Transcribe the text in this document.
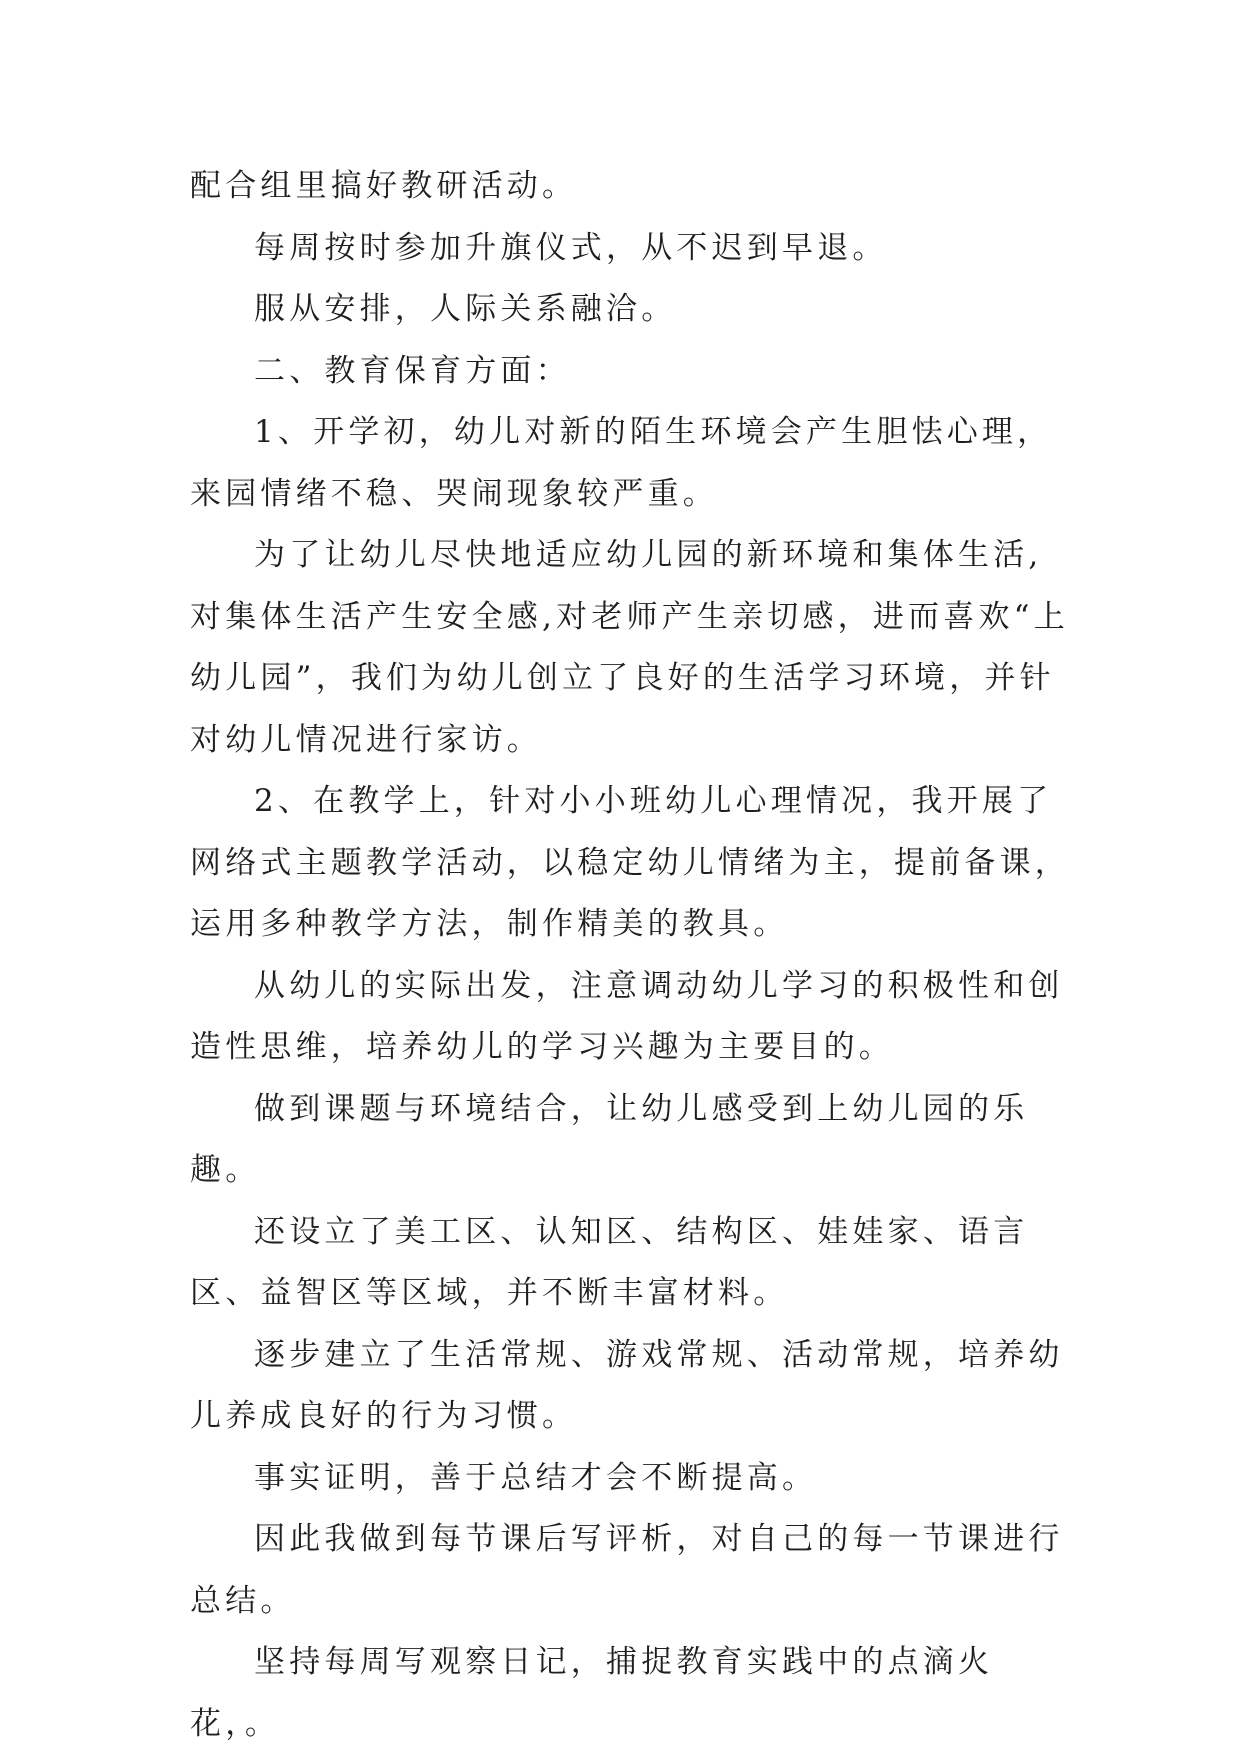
配合组里搞好教研活动。

每周按时参加升旗仪式，从不迟到早退。

服从安排，人际关系融洽。

二、教育保育方面：

1、开学初，幼儿对新的陌生环境会产生胆怯心理，来园情绪不稳、哭闹现象较严重。

为了让幼儿尽快地适应幼儿园的新环境和集体生活,对集体生活产生安全感,对老师产生亲切感，进而喜欢“上幼儿园”，我们为幼儿创立了良好的生活学习环境，并针对幼儿情况进行家访。

2、在教学上，针对小小班幼儿心理情况，我开展了网络式主题教学活动，以稳定幼儿情绪为主，提前备课，运用多种教学方法，制作精美的教具。

从幼儿的实际出发，注意调动幼儿学习的积极性和创造性思维，培养幼儿的学习兴趣为主要目的。

做到课题与环境结合，让幼儿感受到上幼儿园的乐趣。

还设立了美工区、认知区、结构区、娃娃家、语言区、益智区等区域，并不断丰富材料。

逐步建立了生活常规、游戏常规、活动常规，培养幼儿养成良好的行为习惯。

事实证明，善于总结才会不断提高。

因此我做到每节课后写评析，对自己的每一节课进行总结。

坚持每周写观察日记，捕捉教育实践中的点滴火花，。
